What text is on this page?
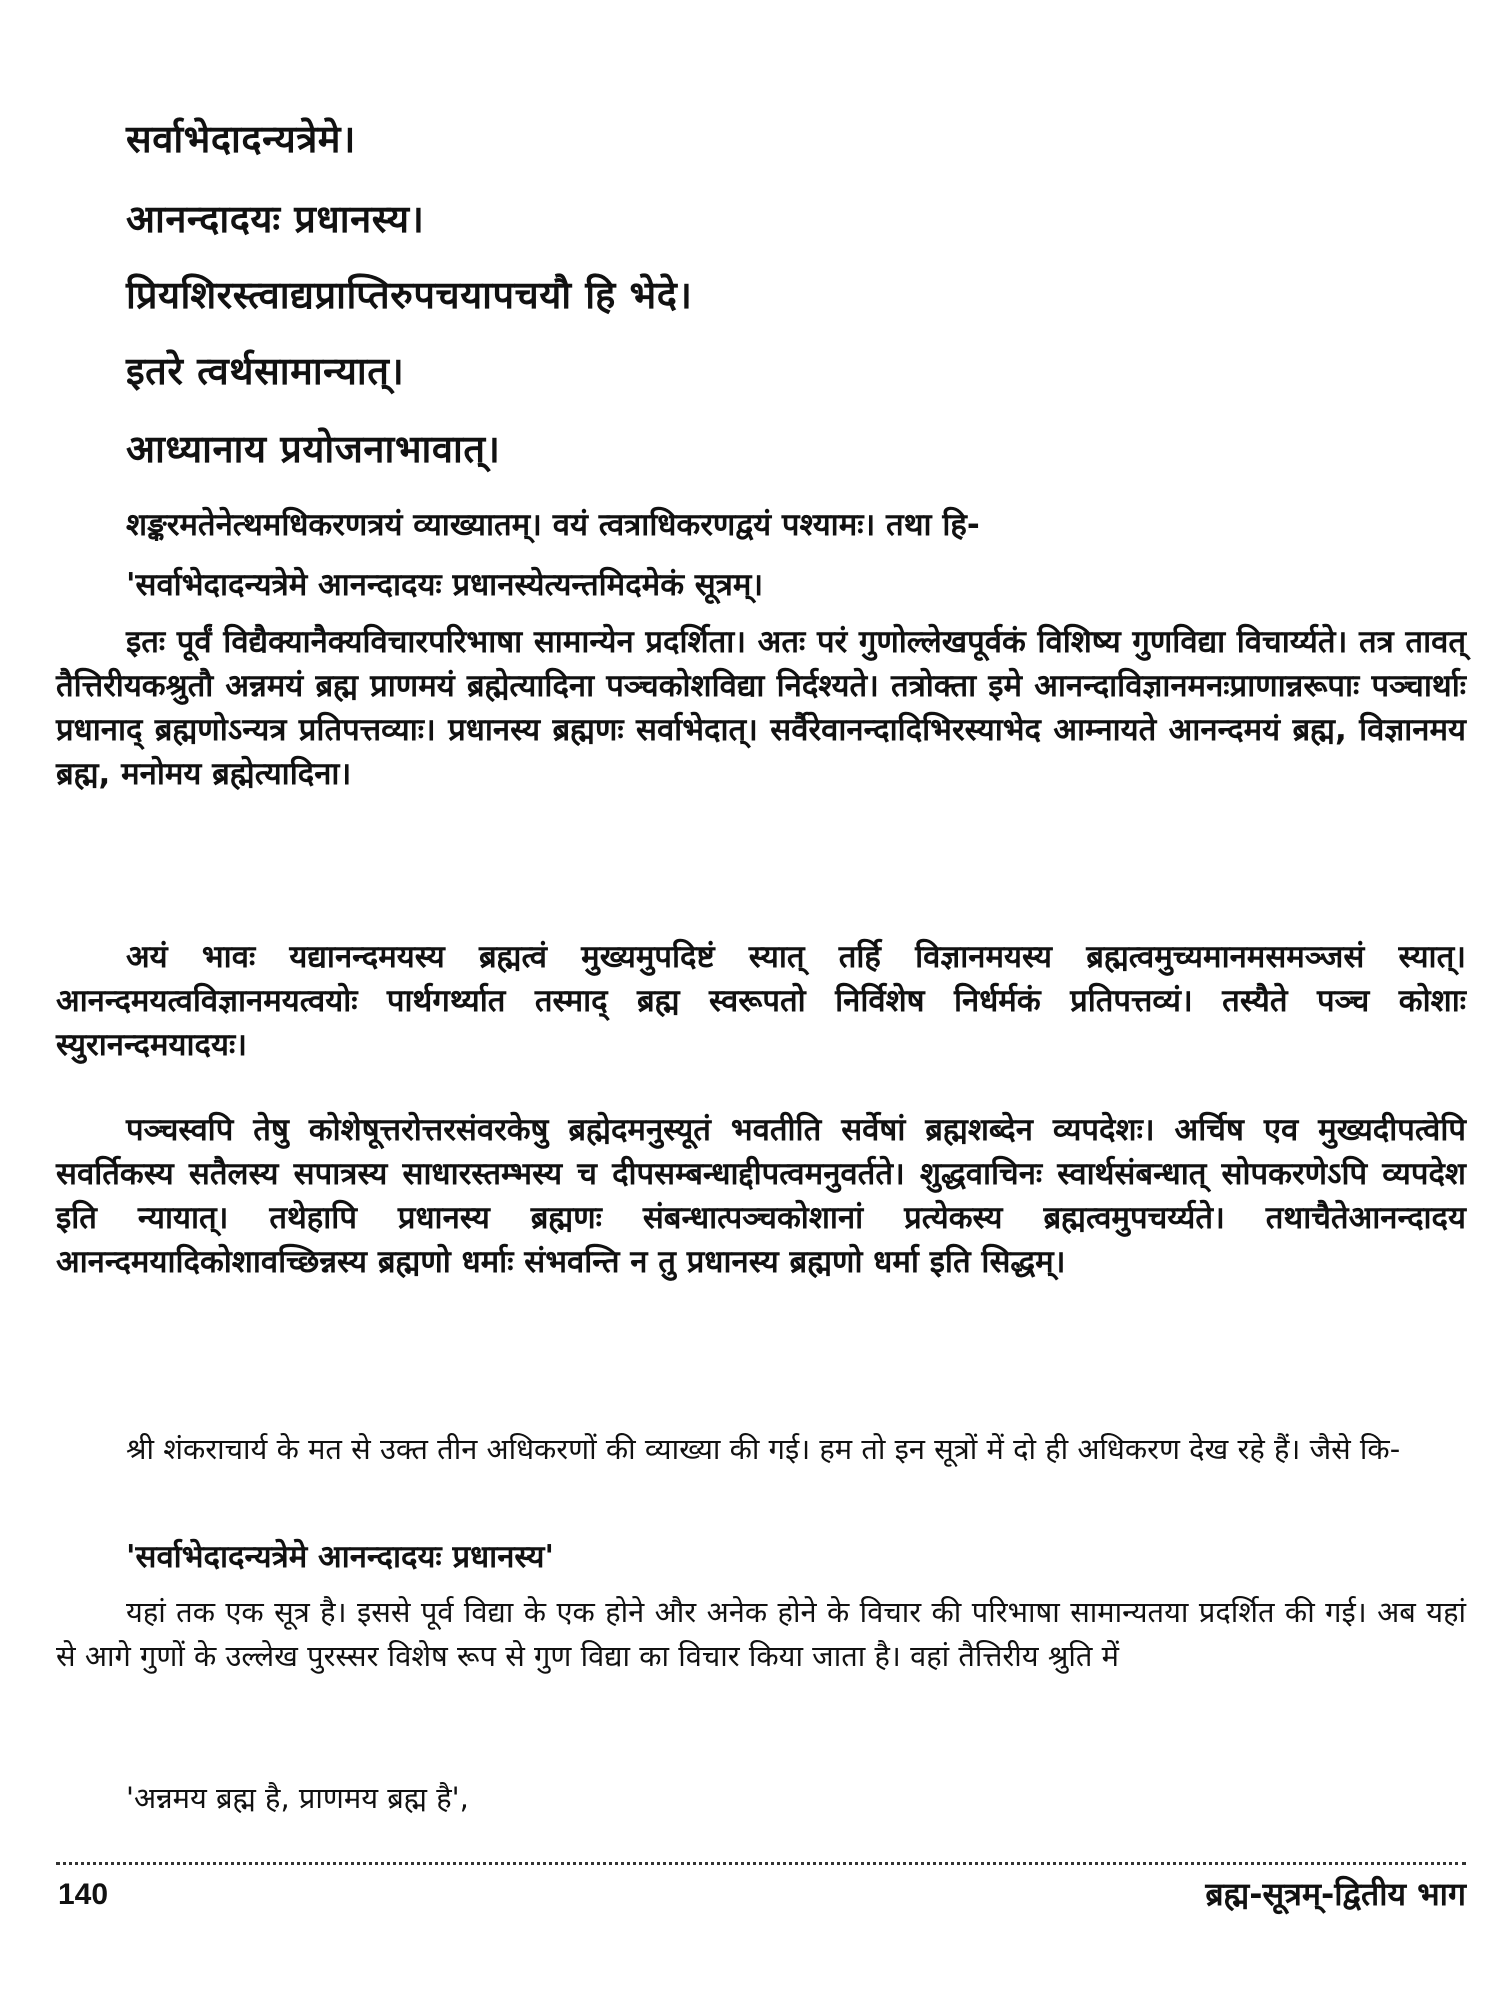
सर्वाभेदादन्यत्रेमे।
आनन्दादयः प्रधानस्य।
प्रियशिरस्त्वाद्यप्राप्तिरुपचयापचयौ हि भेदे।
इतरे त्वर्थसामान्यात्।
आध्यानाय प्रयोजनाभावात्।
शङ्करमतेनेत्थमधिकरणत्रयं व्याख्यातम्। वयं त्वत्राधिकरणद्वयं पश्यामः। तथा हि-
'सर्वाभेदादन्यत्रेमे आनन्दादयः प्रधानस्येत्यन्तमिदमेकं सूत्रम्।

इतः पूर्वं विद्यैक्यानैक्यविचारपरिभाषा सामान्येन प्रदर्शिता। अतः परं गुणोल्लेखपूर्वकं विशिष्य गुणविद्या विचार्य्यते। तत्र तावत् तैत्तिरीयकश्रुतौ अन्नमयं ब्रह्म प्राणमयं ब्रह्मेत्यादिना पञ्चकोशविद्या निर्दश्यते। तत्रोक्ता इमे आनन्दाविज्ञानमनःप्राणान्नरूपाः पञ्चार्थाः प्रधानाद् ब्रह्मणोऽन्यत्र प्रतिपत्तव्याः। प्रधानस्य ब्रह्मणः सर्वाभेदात्। सर्वैरेवानन्दादिभिरस्याभेद आम्नायते आनन्दमयं ब्रह्म, विज्ञानमय ब्रह्म, मनोमय ब्रह्मेत्यादिना।

अयं भावः यद्यानन्दमयस्य ब्रह्मत्वं मुख्यमुपदिष्टं स्यात् तर्हि विज्ञानमयस्य ब्रह्मत्वमुच्यमानमसमञ्जसं स्यात्। आनन्दमयत्वविज्ञानमयत्वयोः पार्थगर्थ्यात तस्माद् ब्रह्म स्वरूपतो निर्विशेष निर्धर्मकं प्रतिपत्तव्यं। तस्यैते पञ्च कोशाः स्युरानन्दमयादयः।

पञ्चस्वपि तेषु कोशेषूत्तरोत्तरसंवरकेषु ब्रह्मेदमनुस्यूतं भवतीति सर्वेषां ब्रह्मशब्देन व्यपदेशः। अर्चिष एव मुख्यदीपत्वेपि सवर्तिकस्य सतैलस्य सपात्रस्य साधारस्तम्भस्य च दीपसम्बन्धाद्दीपत्वमनुवर्तते। शुद्धवाचिनः स्वार्थसंबन्धात् सोपकरणेऽपि व्यपदेश इति न्यायात्। तथेहापि प्रधानस्य ब्रह्मणः संबन्धात्पञ्चकोशानां प्रत्येकस्य ब्रह्मत्वमुपचर्य्यते। तथाचैतेआनन्दादय आनन्दमयादिकोशावच्छिन्नस्य ब्रह्मणो धर्माः संभवन्ति न तु प्रधानस्य ब्रह्मणो धर्मा इति सिद्धम्।

श्री शंकराचार्य के मत से उक्त तीन अधिकरणों की व्याख्या की गई। हम तो इन सूत्रों में दो ही अधिकरण देख रहे हैं। जैसे कि-

'सर्वाभेदादन्यत्रेमे आनन्दादयः प्रधानस्य'

यहां तक एक सूत्र है। इससे पूर्व विद्या के एक होने और अनेक होने के विचार की परिभाषा सामान्यतया प्रदर्शित की गई। अब यहां से आगे गुणों के उल्लेख पुरस्सर विशेष रूप से गुण विद्या का विचार किया जाता है। वहां तैत्तिरीय श्रुति में

'अन्नमय ब्रह्म है, प्राणमय ब्रह्म है',
140	ब्रह्म-सूत्रम्-द्वितीय भाग
